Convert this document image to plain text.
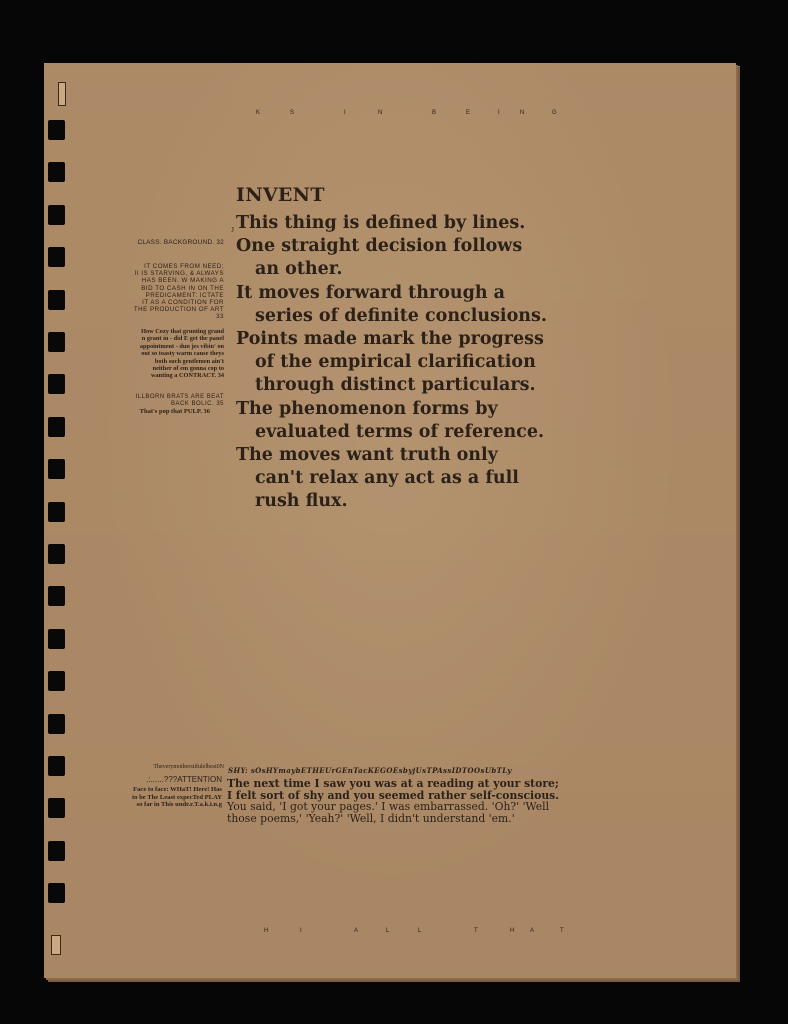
K	S	I	N	B	E	I	N	G
H	I	A	L	L	T	H A	T
INVENT
This thing is defined by lines.
One straight decision follows
an other.
It moves forward through a
series of definite conclusions.
Points made mark the progress
of the empirical clarification
through distinct particulars.
The phenomenon forms by
evaluated terms of reference.
The moves want truth only
can't relax any act as a full
rush flux.
J
CLASS. BACKGROUND. 32
IT COMES FROM NEED;
II IS STARVING, & ALWAYS
HAS BEEN. W MAKING A
BID TO CASH IN ON THE
PREDICAMENT: ICTATE
IT AS A CONDITION FOR
THE PRODUCTION OF ART
33
How Cozy that grunting grand
n grant in - did E get the panel
appointment - dun jes vibin' on
out so toasty warm cause theys
both such gentlemen ain't
neither of em gonna cop to
wanting a CONTRACT. 34
ILLBORN BRATS ARE BEAT
BACK BOLIC. 35
That's pop that PULP. 36
Theverymotherstifulelbest0N
.:......???ATTENTION
Face to face: WHaT! Here! Has
to be The Least expecTed PLAY
so far in This undr.r.T.a.k.i.n.g
SHY: sOsHYmaybETHEUrGEnTacKEGOEsbyjUsTPAssIDTOOsUbTLy
The next time I saw you was at a reading at your store; I felt sort of shy and you seemed rather self-conscious. You said, 'I got your pages.' I was embarrassed. 'Oh?' 'Well those poems,' 'Yeah?' 'Well, I didn't understand 'em.'
